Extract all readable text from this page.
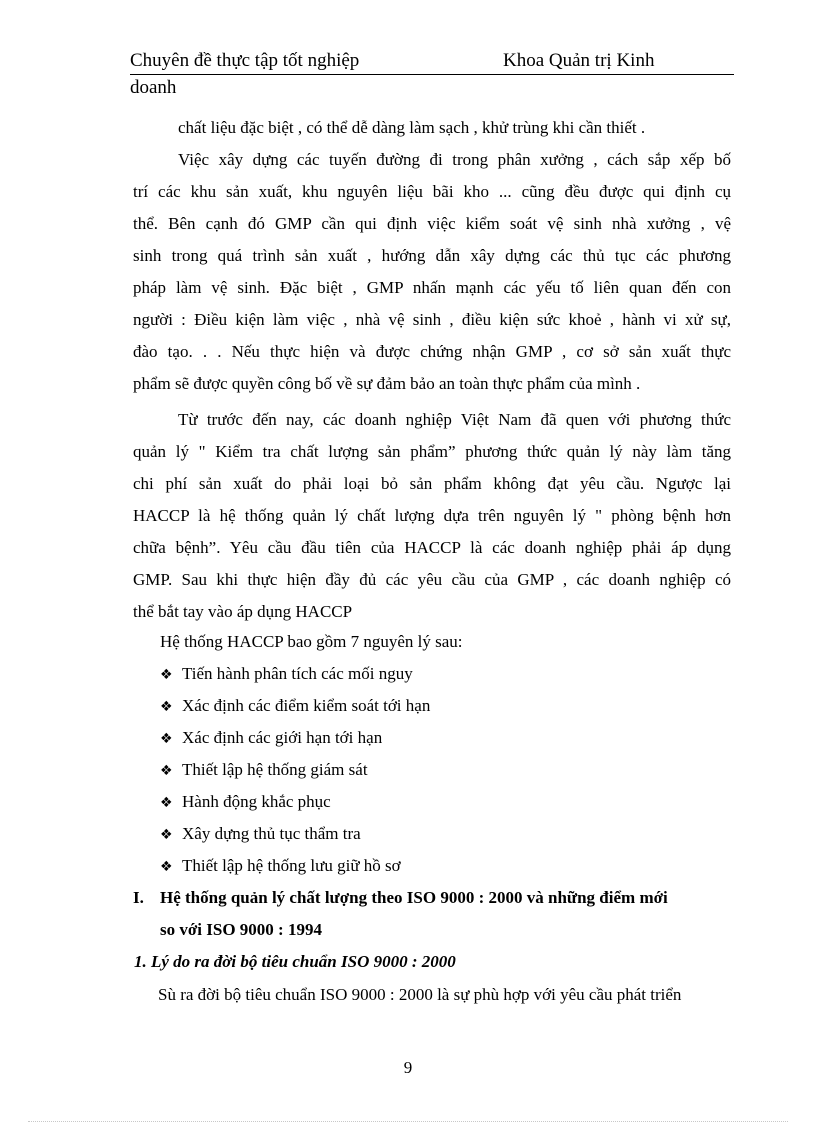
Chuyên đề thực tập tốt nghiệp	Khoa Quản trị Kinh
doanh
chất liệu đặc biệt , có thể dễ dàng làm sạch , khử trùng khi cần thiết .
Việc xây dựng các tuyến đường đi trong phân xưởng , cách sắp xếp bố
trí các khu sản xuất, khu nguyên liệu bãi kho ... cũng đều được qui định cụ
thể. Bên cạnh đó GMP cần qui định việc kiểm soát vệ sinh nhà xưởng , vệ
sinh trong quá trình sản xuất , hướng dẫn xây dựng các thủ tục các phương
pháp làm vệ sinh. Đặc biệt , GMP nhấn mạnh các yếu tố liên quan đến con
người : Điều kiện làm việc , nhà vệ sinh , điều kiện sức khoẻ , hành vi xử sự,
đào tạo. . . Nếu thực hiện và được chứng nhận GMP , cơ sở sản xuất thực
phẩm sẽ được quyền công bố về sự đảm bảo an toàn thực phẩm của mình .
Từ trước đến nay, các doanh nghiệp Việt Nam đã quen với phương thức
quản lý " Kiểm tra chất lượng sản phẩm” phương thức quản lý này làm tăng
chi phí sản xuất do phải loại bỏ sản phẩm không đạt yêu cầu. Ngược lại
HACCP là hệ thống quản lý chất lượng dựa trên nguyên lý " phòng bệnh hơn
chữa bệnh”. Yêu cầu đầu tiên của HACCP là các doanh nghiệp phải áp dụng
GMP. Sau khi thực hiện đầy đủ các yêu cầu của GMP , các doanh nghiệp có
thể bắt tay vào áp dụng HACCP
Hệ thống HACCP bao gồm 7 nguyên lý sau:
❖ Tiến hành phân tích các mối nguy
❖ Xác định các điểm kiểm soát tới hạn
❖ Xác định các giới hạn tới hạn
❖ Thiết lập hệ thống giám sát
❖ Hành động khắc phục
❖ Xây dựng thủ tục thẩm tra
❖ Thiết lập hệ thống lưu giữ hồ sơ
I. Hệ thống quản lý chất lượng theo ISO 9000 : 2000 và những điểm mới
so với ISO 9000 : 1994
1. Lý do ra đời bộ tiêu chuẩn ISO 9000 : 2000
Sù ra đời bộ tiêu chuẩn ISO 9000 : 2000 là sự phù hợp với yêu cầu phát triển
9
